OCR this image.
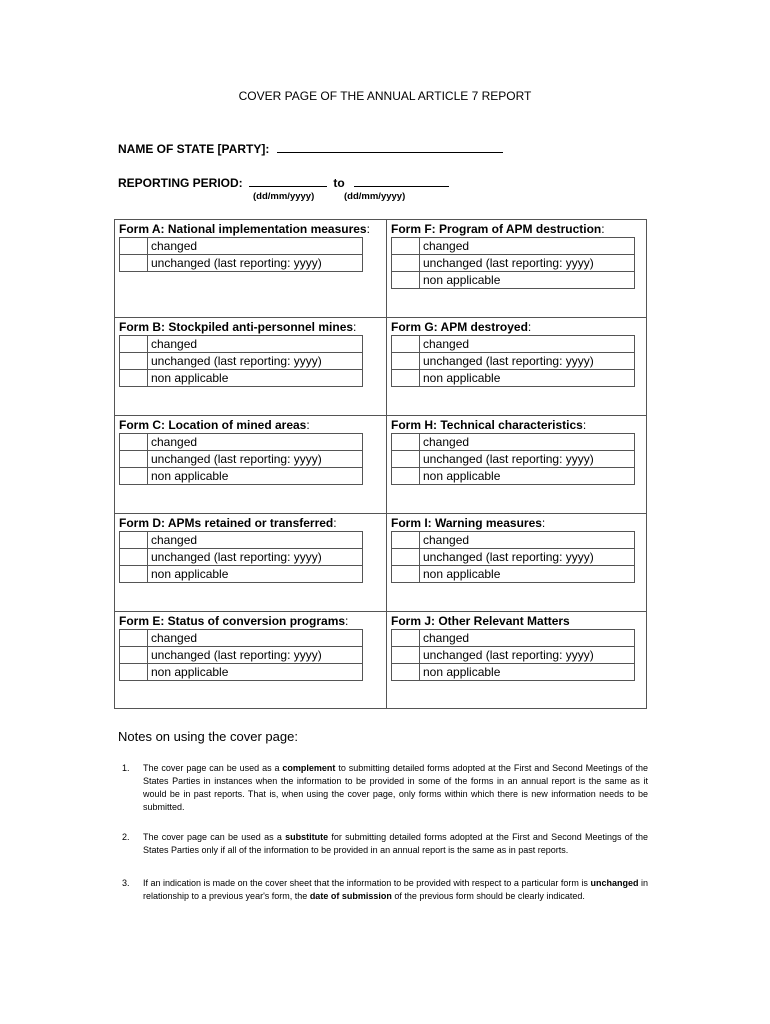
COVER PAGE OF THE ANNUAL ARTICLE 7 REPORT
NAME OF STATE [PARTY]:
REPORTING PERIOD:	to
(dd/mm/yyyy)	(dd/mm/yyyy)
Form A: National implementation measures:
	changed
	unchanged (last reporting: yyyy)
Form F: Program of APM destruction:
	changed
	unchanged (last reporting: yyyy)
	non applicable
Form B: Stockpiled anti-personnel mines:
	changed
	unchanged (last reporting: yyyy)
	non applicable
Form G: APM destroyed:
	changed
	unchanged (last reporting: yyyy)
	non applicable
Form C: Location of mined areas:
	changed
	unchanged (last reporting: yyyy)
	non applicable
Form H: Technical characteristics:
	changed
	unchanged (last reporting: yyyy)
	non applicable
Form D: APMs retained or transferred:
	changed
	unchanged (last reporting: yyyy)
	non applicable
Form I: Warning measures:
	changed
	unchanged (last reporting: yyyy)
	non applicable
Form E: Status of conversion programs:
	changed
	unchanged (last reporting: yyyy)
	non applicable
Form J: Other Relevant Matters
	changed
	unchanged (last reporting: yyyy)
	non applicable
Notes on using the cover page:
1. The cover page can be used as a complement to submitting detailed forms adopted at the First and Second Meetings of the States Parties in instances when the information to be provided in some of the forms in an annual report is the same as it would be in past reports. That is, when using the cover page, only forms within which there is new information needs to be submitted.
2. The cover page can be used as a substitute for submitting detailed forms adopted at the First and Second Meetings of the States Parties only if all of the information to be provided in an annual report is the same as in past reports.
3. If an indication is made on the cover sheet that the information to be provided with respect to a particular form is unchanged in relationship to a previous year's form, the date of submission of the previous form should be clearly indicated.
